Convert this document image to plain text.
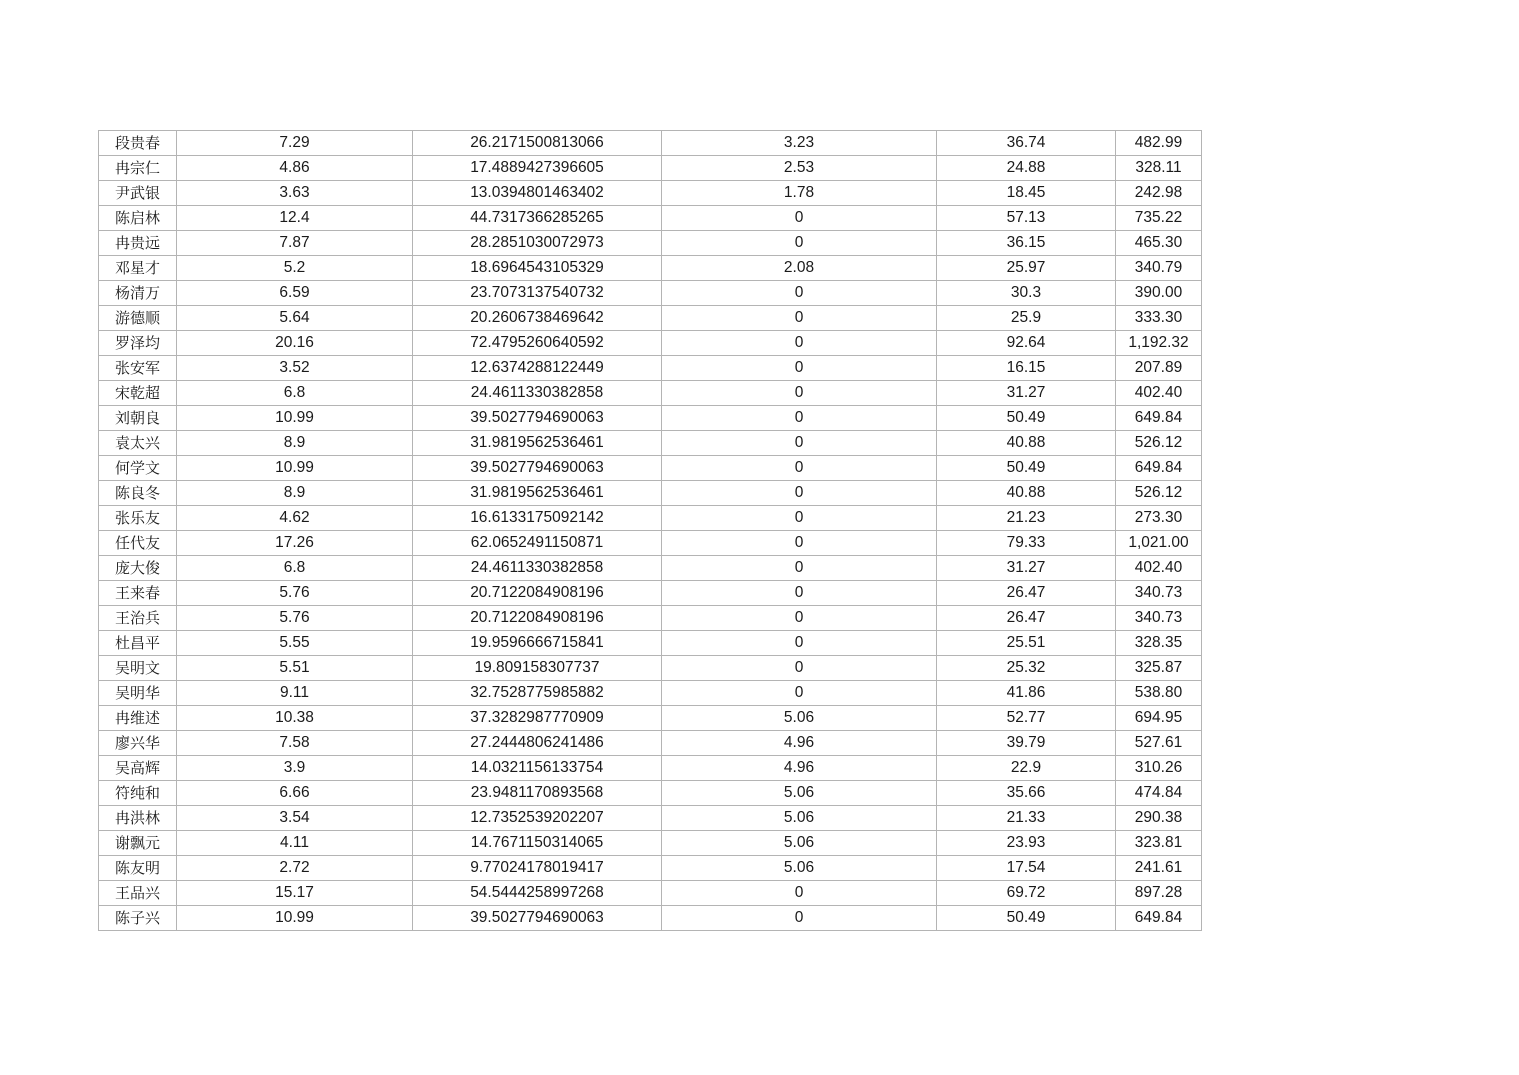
段贵春	7.29	26.2171500813066	3.23	36.74	482.99
冉宗仁	4.86	17.4889427396605	2.53	24.88	328.11
尹武银	3.63	13.0394801463402	1.78	18.45	242.98
陈启林	12.4	44.7317366285265	0	57.13	735.22
冉贵远	7.87	28.2851030072973	0	36.15	465.30
邓星才	5.2	18.6964543105329	2.08	25.97	340.79
杨清万	6.59	23.7073137540732	0	30.3	390.00
游德顺	5.64	20.2606738469642	0	25.9	333.30
罗泽均	20.16	72.4795260640592	0	92.64	1,192.32
张安军	3.52	12.6374288122449	0	16.15	207.89
宋乾超	6.8	24.4611330382858	0	31.27	402.40
刘朝良	10.99	39.5027794690063	0	50.49	649.84
袁太兴	8.9	31.9819562536461	0	40.88	526.12
何学文	10.99	39.5027794690063	0	50.49	649.84
陈良冬	8.9	31.9819562536461	0	40.88	526.12
张乐友	4.62	16.6133175092142	0	21.23	273.30
任代友	17.26	62.0652491150871	0	79.33	1,021.00
庞大俊	6.8	24.4611330382858	0	31.27	402.40
王来春	5.76	20.7122084908196	0	26.47	340.73
王治兵	5.76	20.7122084908196	0	26.47	340.73
杜昌平	5.55	19.9596666715841	0	25.51	328.35
吴明文	5.51	19.809158307737	0	25.32	325.87
吴明华	9.11	32.7528775985882	0	41.86	538.80
冉维述	10.38	37.3282987770909	5.06	52.77	694.95
廖兴华	7.58	27.2444806241486	4.96	39.79	527.61
吴高辉	3.9	14.0321156133754	4.96	22.9	310.26
符纯和	6.66	23.9481170893568	5.06	35.66	474.84
冉洪林	3.54	12.7352539202207	5.06	21.33	290.38
谢飘元	4.11	14.7671150314065	5.06	23.93	323.81
陈友明	2.72	9.77024178019417	5.06	17.54	241.61
王品兴	15.17	54.5444258997268	0	69.72	897.28
陈子兴	10.99	39.5027794690063	0	50.49	649.84
